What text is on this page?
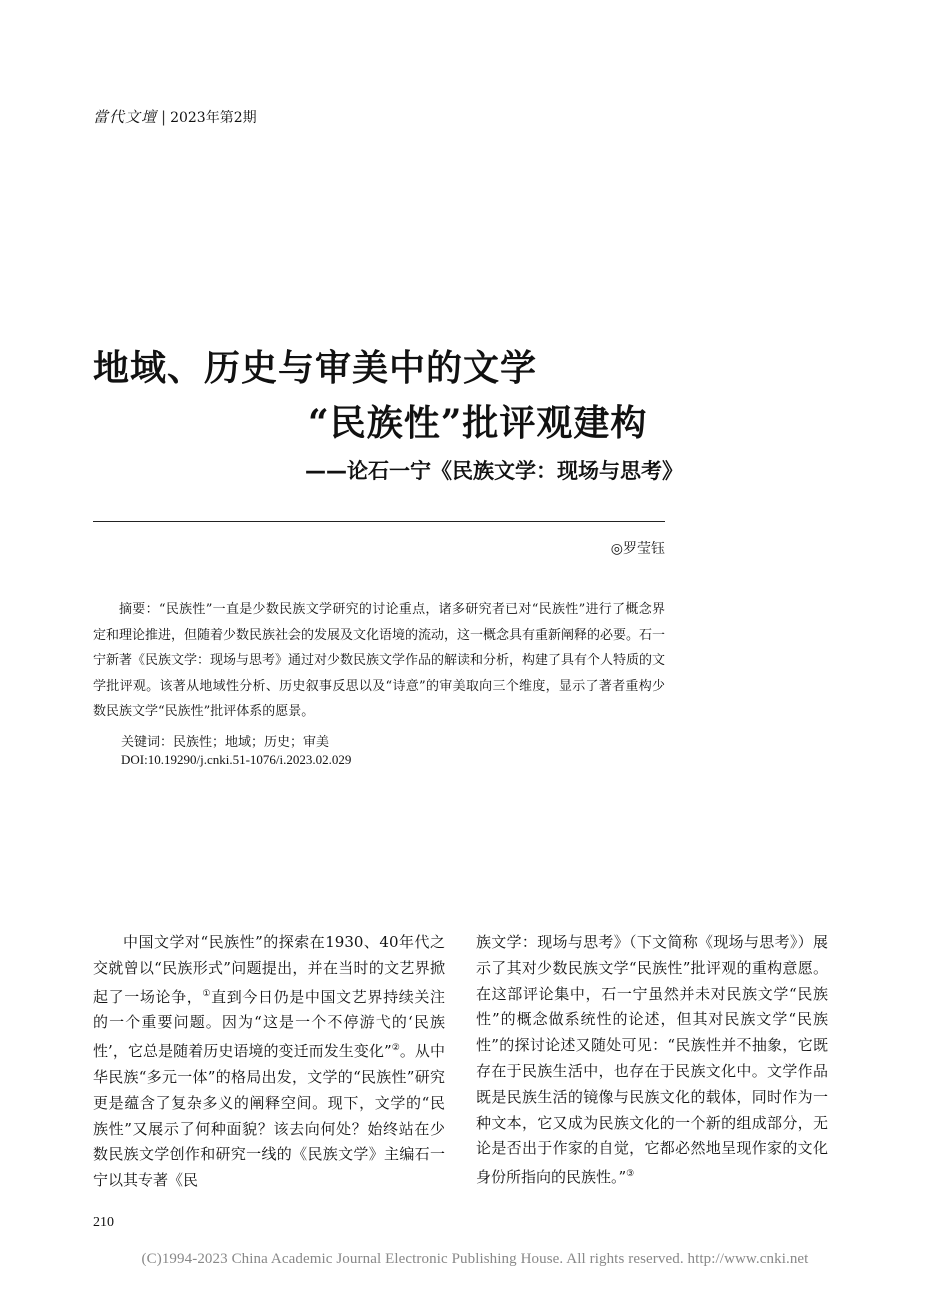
當代文壇 | 2023年第2期
地域、历史与审美中的文学
“民族性”批评观建构
——论石一宁《民族文学：现场与思考》
◎罗莹钰
摘要：“民族性”一直是少数民族文学研究的讨论重点，诸多研究者已对“民族性”进行了概念界定和理论推进，但随着少数民族社会的发展及文化语境的流动，这一概念具有重新阐释的必要。石一宁新著《民族文学：现场与思考》通过对少数民族文学作品的解读和分析，构建了具有个人特质的文学批评观。该著从地域性分析、历史叙事反思以及“诗意”的审美取向三个维度，显示了著者重构少数民族文学“民族性”批评体系的愿景。
关键词：民族性；地域；历史；审美
DOI:10.19290/j.cnki.51-1076/i.2023.02.029

中国文学对“民族性”的探索在1930、40年代之交就曾以“民族形式”问题提出，并在当时的文艺界掀起了一场论争，①直到今日仍是中国文艺界持续关注的一个重要问题。因为“这是一个不停游弋的‘民族性’，它总是随着历史语境的变迁而发生变化”②。从中华民族“多元一体”的格局出发，文学的“民族性”研究更是蕴含了复杂多义的阐释空间。现下，文学的“民族性”又展示了何种面貌？该去向何处？始终站在少数民族文学创作和研究一线的《民族文学》主编石一宁以其专著《民

族文学：现场与思考》（下文简称《现场与思考》）展示了其对少数民族文学“民族性”批评观的重构意愿。在这部评论集中，石一宁虽然并未对民族文学“民族性”的概念做系统性的论述，但其对民族文学“民族性”的探讨论述又随处可见：“民族性并不抽象，它既存在于民族生活中，也存在于民族文化中。文学作品既是民族生活的镜像与民族文化的载体，同时作为一种文本，它又成为民族文化的一个新的组成部分，无论是否出于作家的自觉，它都必然地呈现作家的文化身份所指向的民族性。”③

210
(C)1994-2023 China Academic Journal Electronic Publishing House. All rights reserved. http://www.cnki.net
